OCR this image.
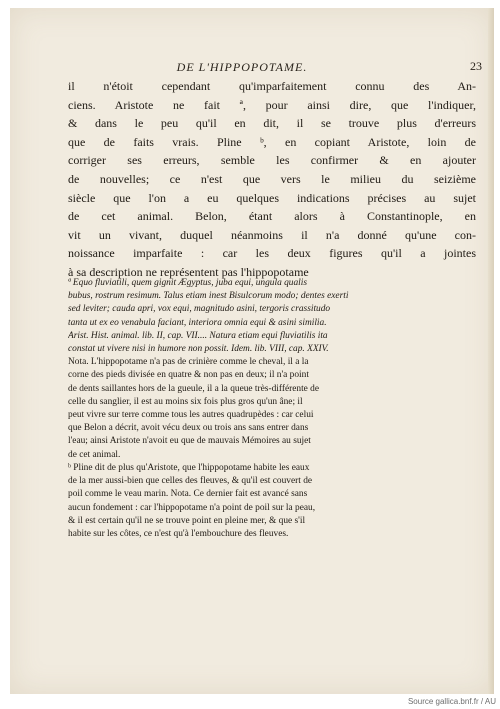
DE L'HIPPOPOTAME.	23
il n'étoit cependant qu'imparfaitement connu des An-
ciens. Aristote ne fait ª, pour ainsi dire, que l'indiquer,
& dans le peu qu'il en dit, il se trouve plus d'erreurs
que de faits vrais. Pline ᵇ, en copiant Aristote, loin de
corriger ses erreurs, semble les confirmer & en ajouter
de nouvelles; ce n'est que vers le milieu du seizième
siècle que l'on a eu quelques indications précises au sujet
de cet animal. Belon, étant alors à Constantinople, en
vit un vivant, duquel néanmoins il n'a donné qu'une con-
noissance imparfaite : car les deux figures qu'il a jointes
à sa description ne représentent pas l'hippopotame
ª Equo fluviatili, quem gignit Ægyptus, juba equi, ungula qualis
bubus, rostrum resimum. Talus etiam inest Bisulcorum modo; dentes exerti
sed leviter; cauda apri, vox equi, magnitudo asini, tergoris crassitudo
tanta ut ex eo venabula faciant, interiora omnia equi & asini similia.
Arist. Hist. animal. lib. II, cap. VII.... Natura etiam equi fluviatilis ita
constat ut vivere nisi in humore non possit. Idem. lib. VIII, cap. XXIV.
Nota. L'hippopotame n'a pas de crinière comme le cheval, il a la
corne des pieds divisée en quatre & non pas en deux; il n'a point
de dents saillantes hors de la gueule, il a la queue très-différente de
celle du sanglier, il est au moins six fois plus gros qu'un âne; il
peut vivre sur terre comme tous les autres quadrupèdes : car celui
que Belon a décrit, avoit vécu deux ou trois ans sans entrer dans
l'eau; ainsi Aristote n'avoit eu que de mauvais Mémoires au sujet
de cet animal.
ᵇ Pline dit de plus qu'Aristote, que l'hippopotame habite les eaux
de la mer aussi-bien que celles des fleuves, & qu'il est couvert de
poil comme le veau marin. Nota. Ce dernier fait est avancé sans
aucun fondement : car l'hippopotame n'a point de poil sur la peau,
& il est certain qu'il ne se trouve point en pleine mer, & que s'il
habite sur les côtes, ce n'est qu'à l'embouchure des fleuves.
Source gallica.bnf.fr / AU
